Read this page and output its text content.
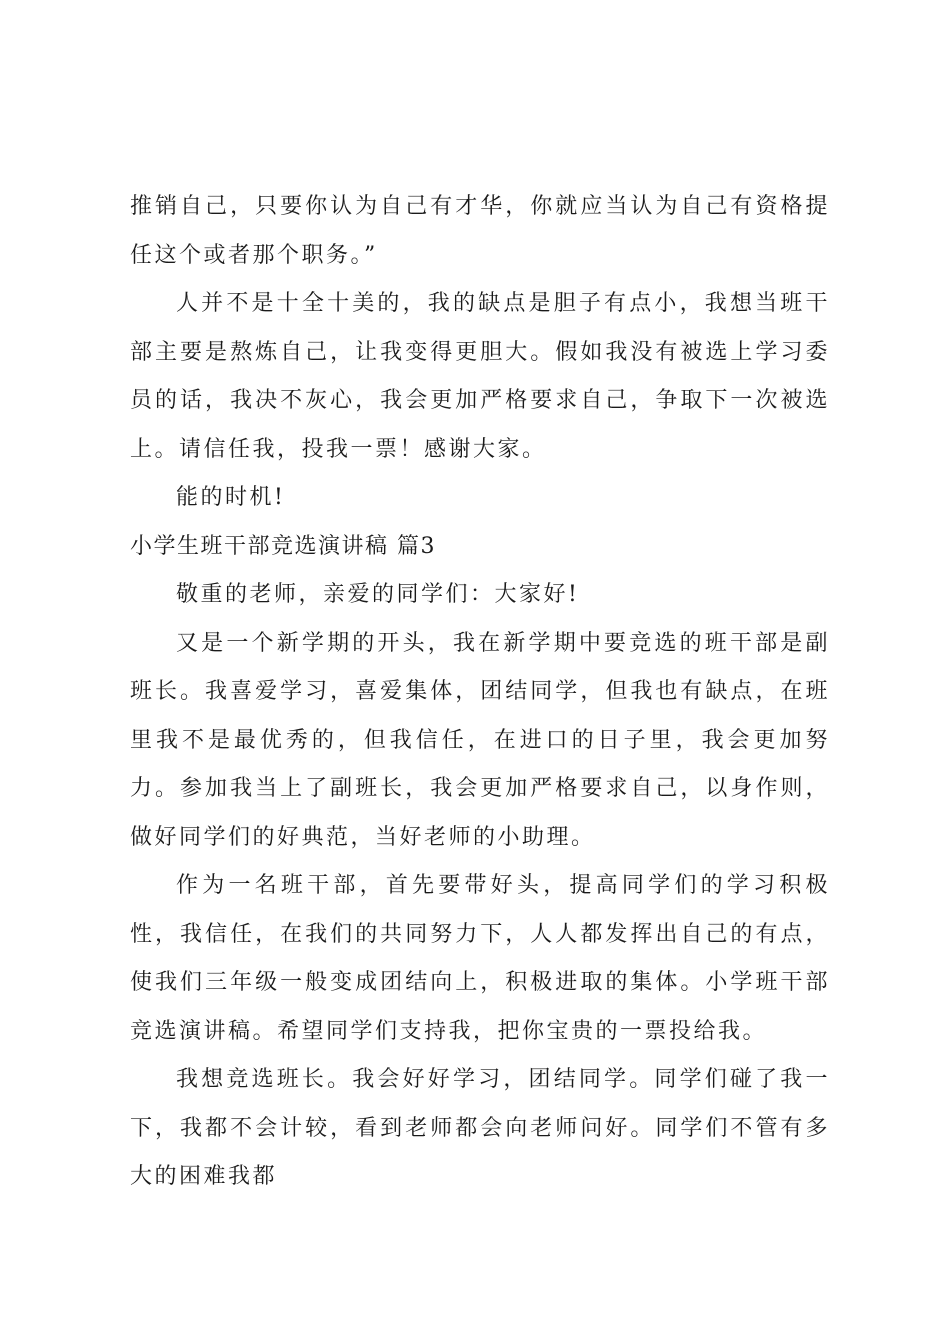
推销自己，只要你认为自己有才华，你就应当认为自己有资格提任这个或者那个职务。”

人并不是十全十美的，我的缺点是胆子有点小，我想当班干部主要是熬炼自己，让我变得更胆大。假如我没有被选上学习委员的话，我决不灰心，我会更加严格要求自己，争取下一次被选上。请信任我，投我一票！感谢大家。

能的时机!

小学生班干部竞选演讲稿 篇3

敬重的老师，亲爱的同学们：大家好!

又是一个新学期的开头，我在新学期中要竞选的班干部是副班长。我喜爱学习，喜爱集体，团结同学，但我也有缺点，在班里我不是最优秀的，但我信任，在进口的日子里，我会更加努力。参加我当上了副班长，我会更加严格要求自己，以身作则，做好同学们的好典范，当好老师的小助理。

作为一名班干部，首先要带好头，提高同学们的学习积极性，我信任，在我们的共同努力下，人人都发挥出自己的有点，使我们三年级一般变成团结向上，积极进取的集体。小学班干部竞选演讲稿。希望同学们支持我，把你宝贵的一票投给我。

我想竞选班长。我会好好学习，团结同学。同学们碰了我一下，我都不会计较，看到老师都会向老师问好。同学们不管有多大的困难我都
